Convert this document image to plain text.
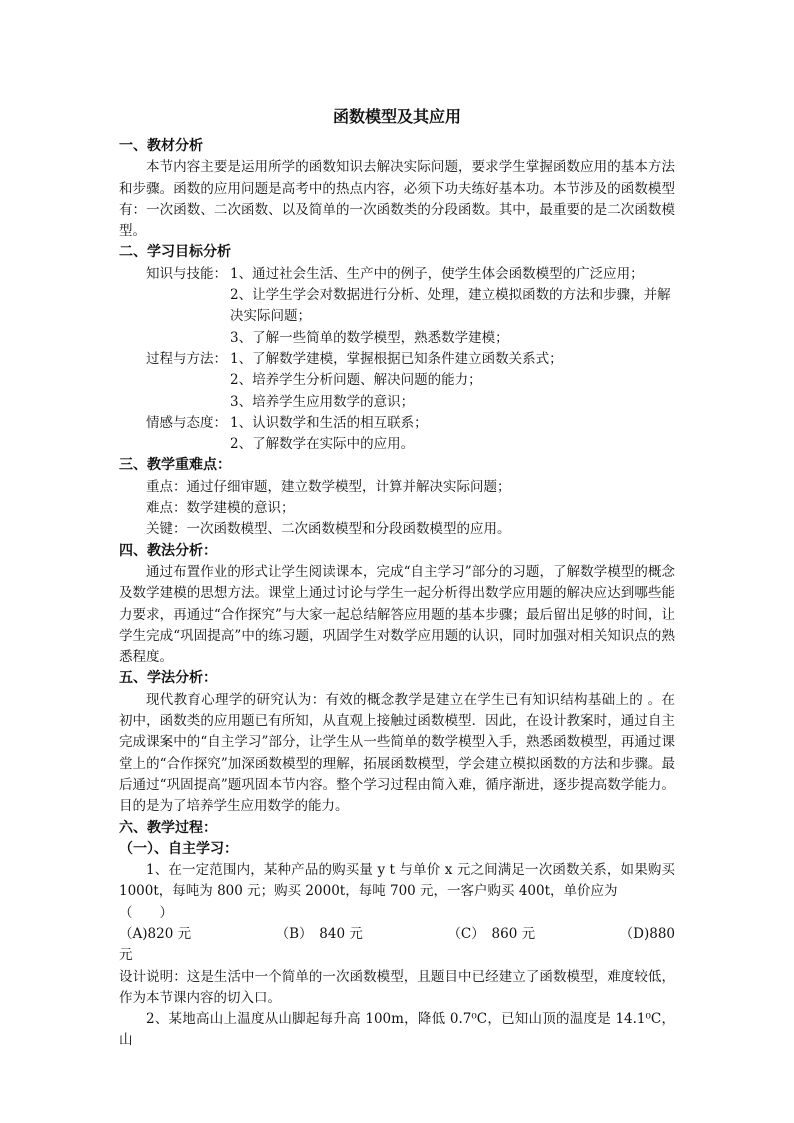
函数模型及其应用
一、教材分析
本节内容主要是运用所学的函数知识去解决实际问题，要求学生掌握函数应用的基本方法和步骤。函数的应用问题是高考中的热点内容，必须下功夫练好基本功。本节涉及的函数模型有：一次函数、二次函数、以及简单的一次函数类的分段函数。其中，最重要的是二次函数模型。
二、学习目标分析
知识与技能： 1、通过社会生活、生产中的例子，使学生体会函数模型的广泛应用；
2、让学生学会对数据进行分析、处理，建立模拟函数的方法和步骤，并解决实际问题；
3、了解一些简单的数学模型，熟悉数学建模；
过程与方法： 1、了解数学建模，掌握根据已知条件建立函数关系式；
2、培养学生分析问题、解决问题的能力；
3、培养学生应用数学的意识；
情感与态度： 1、认识数学和生活的相互联系；
2、了解数学在实际中的应用。
三、教学重难点：
重点：通过仔细审题，建立数学模型，计算并解决实际问题；
难点：数学建模的意识；
关键：一次函数模型、二次函数模型和分段函数模型的应用。
四、教法分析：
通过布置作业的形式让学生阅读课本，完成“自主学习”部分的习题，了解数学模型的概念及数学建模的思想方法。课堂上通过讨论与学生一起分析得出数学应用题的解决应达到哪些能力要求，再通过“合作探究”与大家一起总结解答应用题的基本步骤；最后留出足够的时间，让学生完成“巩固提高”中的练习题，巩固学生对数学应用题的认识，同时加强对相关知识点的熟悉程度。
五、学法分析：
现代教育心理学的研究认为：有效的概念教学是建立在学生已有知识结构基础上的 。在初中，函数类的应用题已有所知，从直观上接触过函数模型．因此，在设计教案时，通过自主完成课案中的“自主学习”部分，让学生从一些简单的数学模型入手，熟悉函数模型，再通过课堂上的“合作探究”加深函数模型的理解，拓展函数模型，学会建立模拟函数的方法和步骤。最后通过“巩固提高”题巩固本节内容。整个学习过程由简入难，循序渐进，逐步提高数学能力。目的是为了培养学生应用数学的能力。
六、教学过程：
（一）、自主学习：
1、在一定范围内，某种产品的购买量 y t 与单价 x 元之间满足一次函数关系，如果购买1000t，每吨为 800 元；购买 2000t，每吨 700 元，一客户购买 400t，单价应为
（　　）
（A)820 元	（B）　840 元	（C）　860 元	（D)880
元
设计说明：这是生活中一个简单的一次函数模型，且题目中已经建立了函数模型，难度较低，作为本节课内容的切入口。
2、某地高山上温度从山脚起每升高 100m，降低 0.7⁰C，已知山顶的温度是 14.1⁰C，山
